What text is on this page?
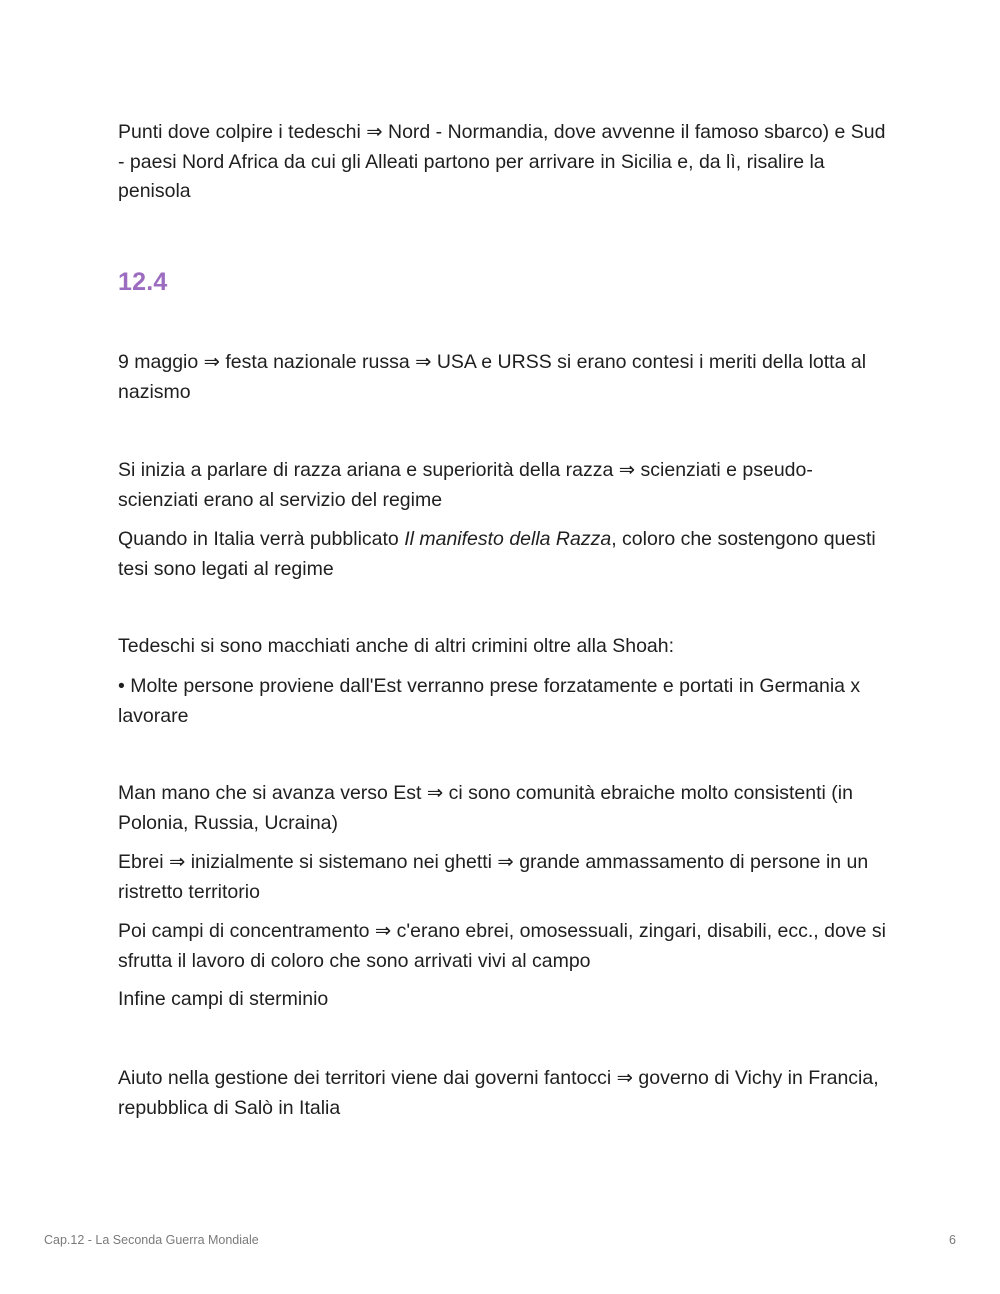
Punti dove colpire i tedeschi ⇒ Nord - Normandia, dove avvenne il famoso sbarco) e Sud - paesi Nord Africa da cui gli Alleati partono per arrivare in Sicilia e, da lì, risalire la penisola

12.4

9 maggio ⇒ festa nazionale russa ⇒ USA e URSS si erano contesi i meriti della lotta al nazismo

Si inizia a parlare di razza ariana e superiorità della razza ⇒ scienziati e pseudo-scienziati erano al servizio del regime

Quando in Italia verrà pubblicato Il manifesto della Razza, coloro che sostengono questi tesi sono legati al regime

Tedeschi si sono macchiati anche di altri crimini oltre alla Shoah:

• Molte persone proviene dall'Est verranno prese forzatamente e portati in Germania x lavorare

Man mano che si avanza verso Est ⇒ ci sono comunità ebraiche molto consistenti (in Polonia, Russia, Ucraina)

Ebrei ⇒ inizialmente si sistemano nei ghetti ⇒ grande ammassamento di persone in un ristretto territorio

Poi campi di concentramento ⇒ c'erano ebrei, omosessuali, zingari, disabili, ecc., dove si sfrutta il lavoro di coloro che sono arrivati vivi al campo

Infine campi di sterminio

Aiuto nella gestione dei territori viene dai governi fantocci ⇒ governo di Vichy in Francia, repubblica di Salò in Italia

Cap.12 - La Seconda Guerra Mondiale	6
